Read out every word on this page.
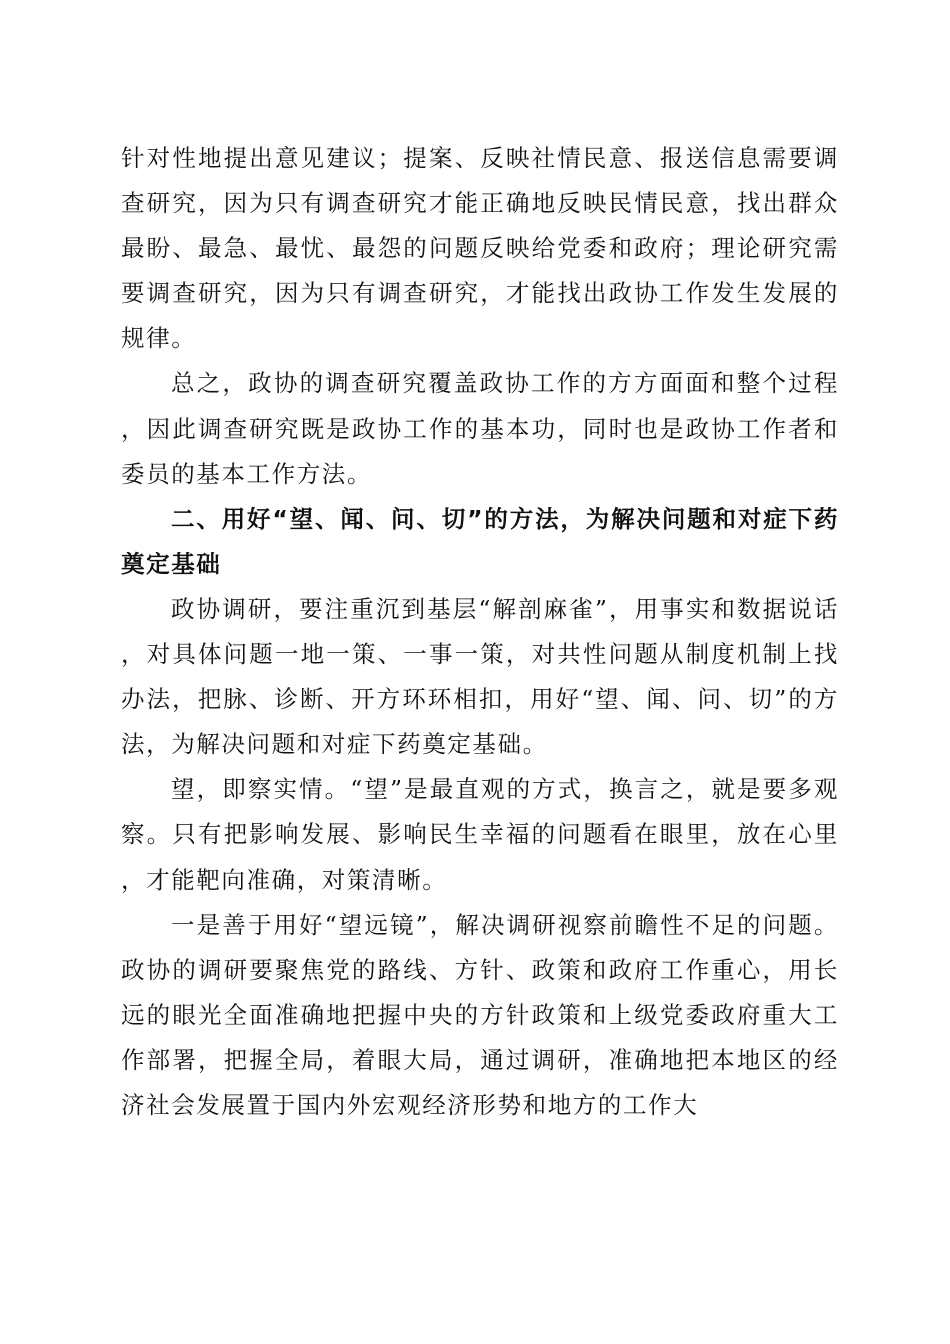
针对性地提出意见建议；提案、反映社情民意、报送信息需要调查研究，因为只有调查研究才能正确地反映民情民意，找出群众最盼、最急、最忧、最怨的问题反映给党委和政府；理论研究需要调查研究，因为只有调查研究，才能找出政协工作发生发展的规律。

总之，政协的调查研究覆盖政协工作的方方面面和整个过程，因此调查研究既是政协工作的基本功，同时也是政协工作者和委员的基本工作方法。

二、用好“望、闻、问、切”的方法，为解决问题和对症下药奠定基础

政协调研，要注重沉到基层“解剖麻雀”，用事实和数据说话，对具体问题一地一策、一事一策，对共性问题从制度机制上找办法，把脉、诊断、开方环环相扣，用好“望、闻、问、切”的方法，为解决问题和对症下药奠定基础。

望，即察实情。“望”是最直观的方式，换言之，就是要多观察。只有把影响发展、影响民生幸福的问题看在眼里，放在心里，才能靶向准确，对策清晰。

一是善于用好“望远镜”，解决调研视察前瞻性不足的问题。政协的调研要聚焦党的路线、方针、政策和政府工作重心，用长远的眼光全面准确地把握中央的方针政策和上级党委政府重大工作部署，把握全局，着眼大局，通过调研，准确地把本地区的经济社会发展置于国内外宏观经济形势和地方的工作大
